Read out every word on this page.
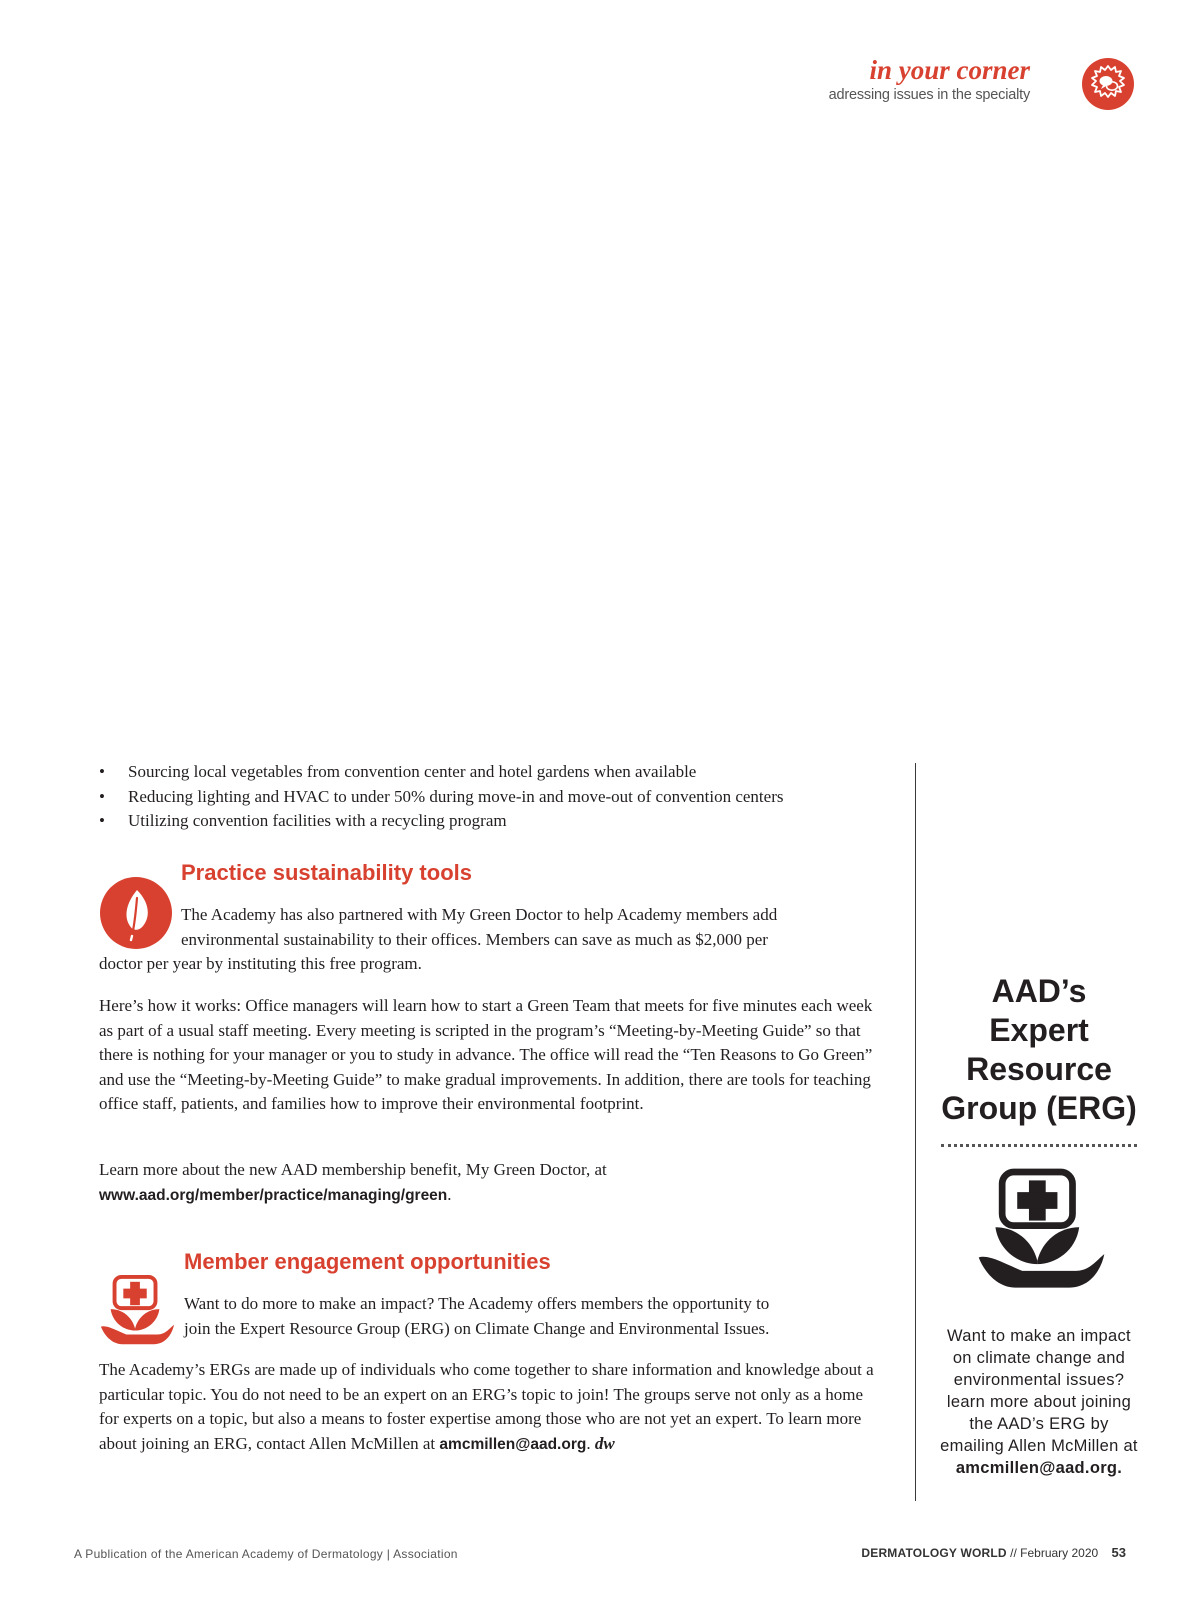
in your corner
adressing issues in the specialty
• Sourcing local vegetables from convention center and hotel gardens when available
• Reducing lighting and HVAC to under 50% during move-in and move-out of convention centers
• Utilizing convention facilities with a recycling program
Practice sustainability tools

The Academy has also partnered with My Green Doctor to help Academy members add

environmental sustainability to their offices. Members can save as much as $2,000 per

doctor per year by instituting this free program.

Here’s how it works: Office managers will learn how to start a Green Team that meets for five minutes each week as part of a usual staff meeting. Every meeting is scripted in the program’s “Meeting-by-Meeting Guide” so that there is nothing for your manager or you to study in advance. The office will read the “Ten Reasons to Go Green” and use the “Meeting-by-Meeting Guide” to make gradual improvements. In addition, there are tools for teaching office staff, patients, and families how to improve their environmental footprint.

Learn more about the new AAD membership benefit, My Green Doctor, at www.aad.org/member/practice/managing/green.

Member engagement opportunities

Want to do more to make an impact? The Academy offers members the opportunity to

join the Expert Resource Group (ERG) on Climate Change and Environmental Issues.

The Academy’s ERGs are made up of individuals who come together to share information and knowledge about a particular topic. You do not need to be an expert on an ERG’s topic to join! The groups serve not only as a home for experts on a topic, but also a means to foster expertise among those who are not yet an expert. To learn more about joining an ERG, contact Allen McMillen at amcmillen@aad.org. dw

AAD’s
Expert
Resource
Group (ERG)

Want to make an impact on climate change and environmental issues? learn more about joining the AAD’s ERG by emailing Allen McMillen at
amcmillen@aad.org.

A Publication of the American Academy of Dermatology | Association	DERMATOLOGY WORLD // February 2020 53
